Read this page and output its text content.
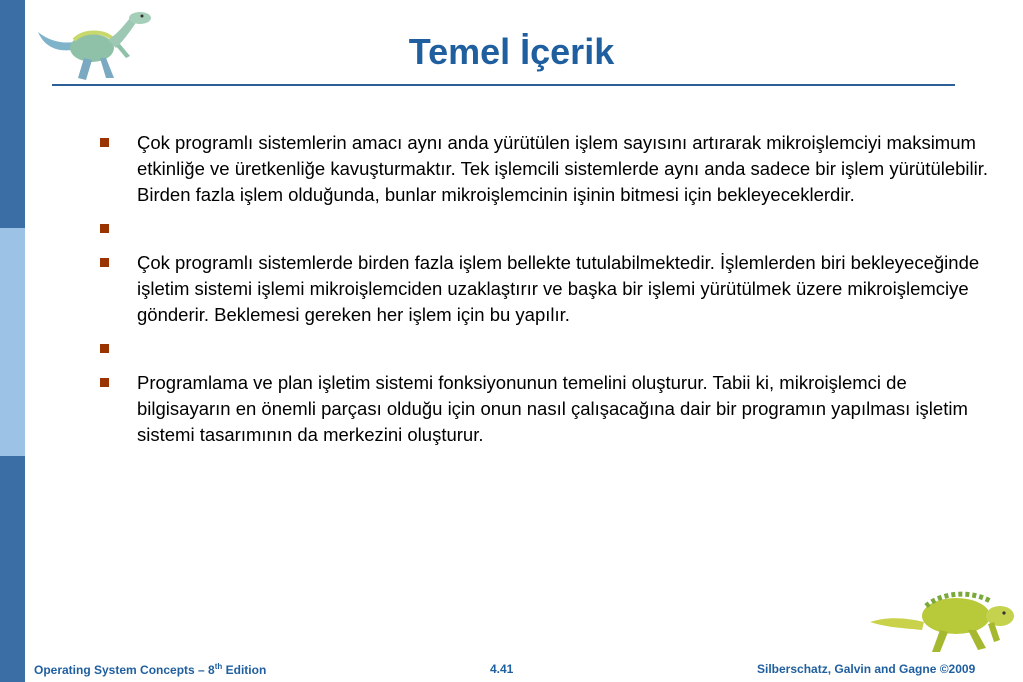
Temel İçerik
Çok programlı sistemlerin amacı aynı anda yürütülen işlem sayısını artırarak mikroişlemciyi maksimum etkinliğe ve üretkenliğe kavuşturmaktır. Tek işlemcili sistemlerde aynı anda sadece bir işlem yürütülebilir. Birden fazla işlem olduğunda, bunlar mikroişlemcinin işinin bitmesi için bekleyeceklerdir.
Çok programlı sistemlerde birden fazla işlem bellekte tutulabilmektedir. İşlemlerden biri bekleyeceğinde işletim sistemi işlemi mikroişlemciden uzaklaştırır ve başka bir işlemi yürütülmek üzere mikroişlemciye gönderir. Beklemesi gereken her işlem için bu yapılır.
Programlama ve plan işletim sistemi fonksiyonunun temelini oluşturur. Tabii ki, mikroişlemci de bilgisayarın en önemli parçası olduğu için onun nasıl çalışacağına dair bir programın yapılması işletim sistemi tasarımının da merkezini oluşturur.
Operating System Concepts – 8th Edition	4.41	Silberschatz, Galvin and Gagne ©2009
